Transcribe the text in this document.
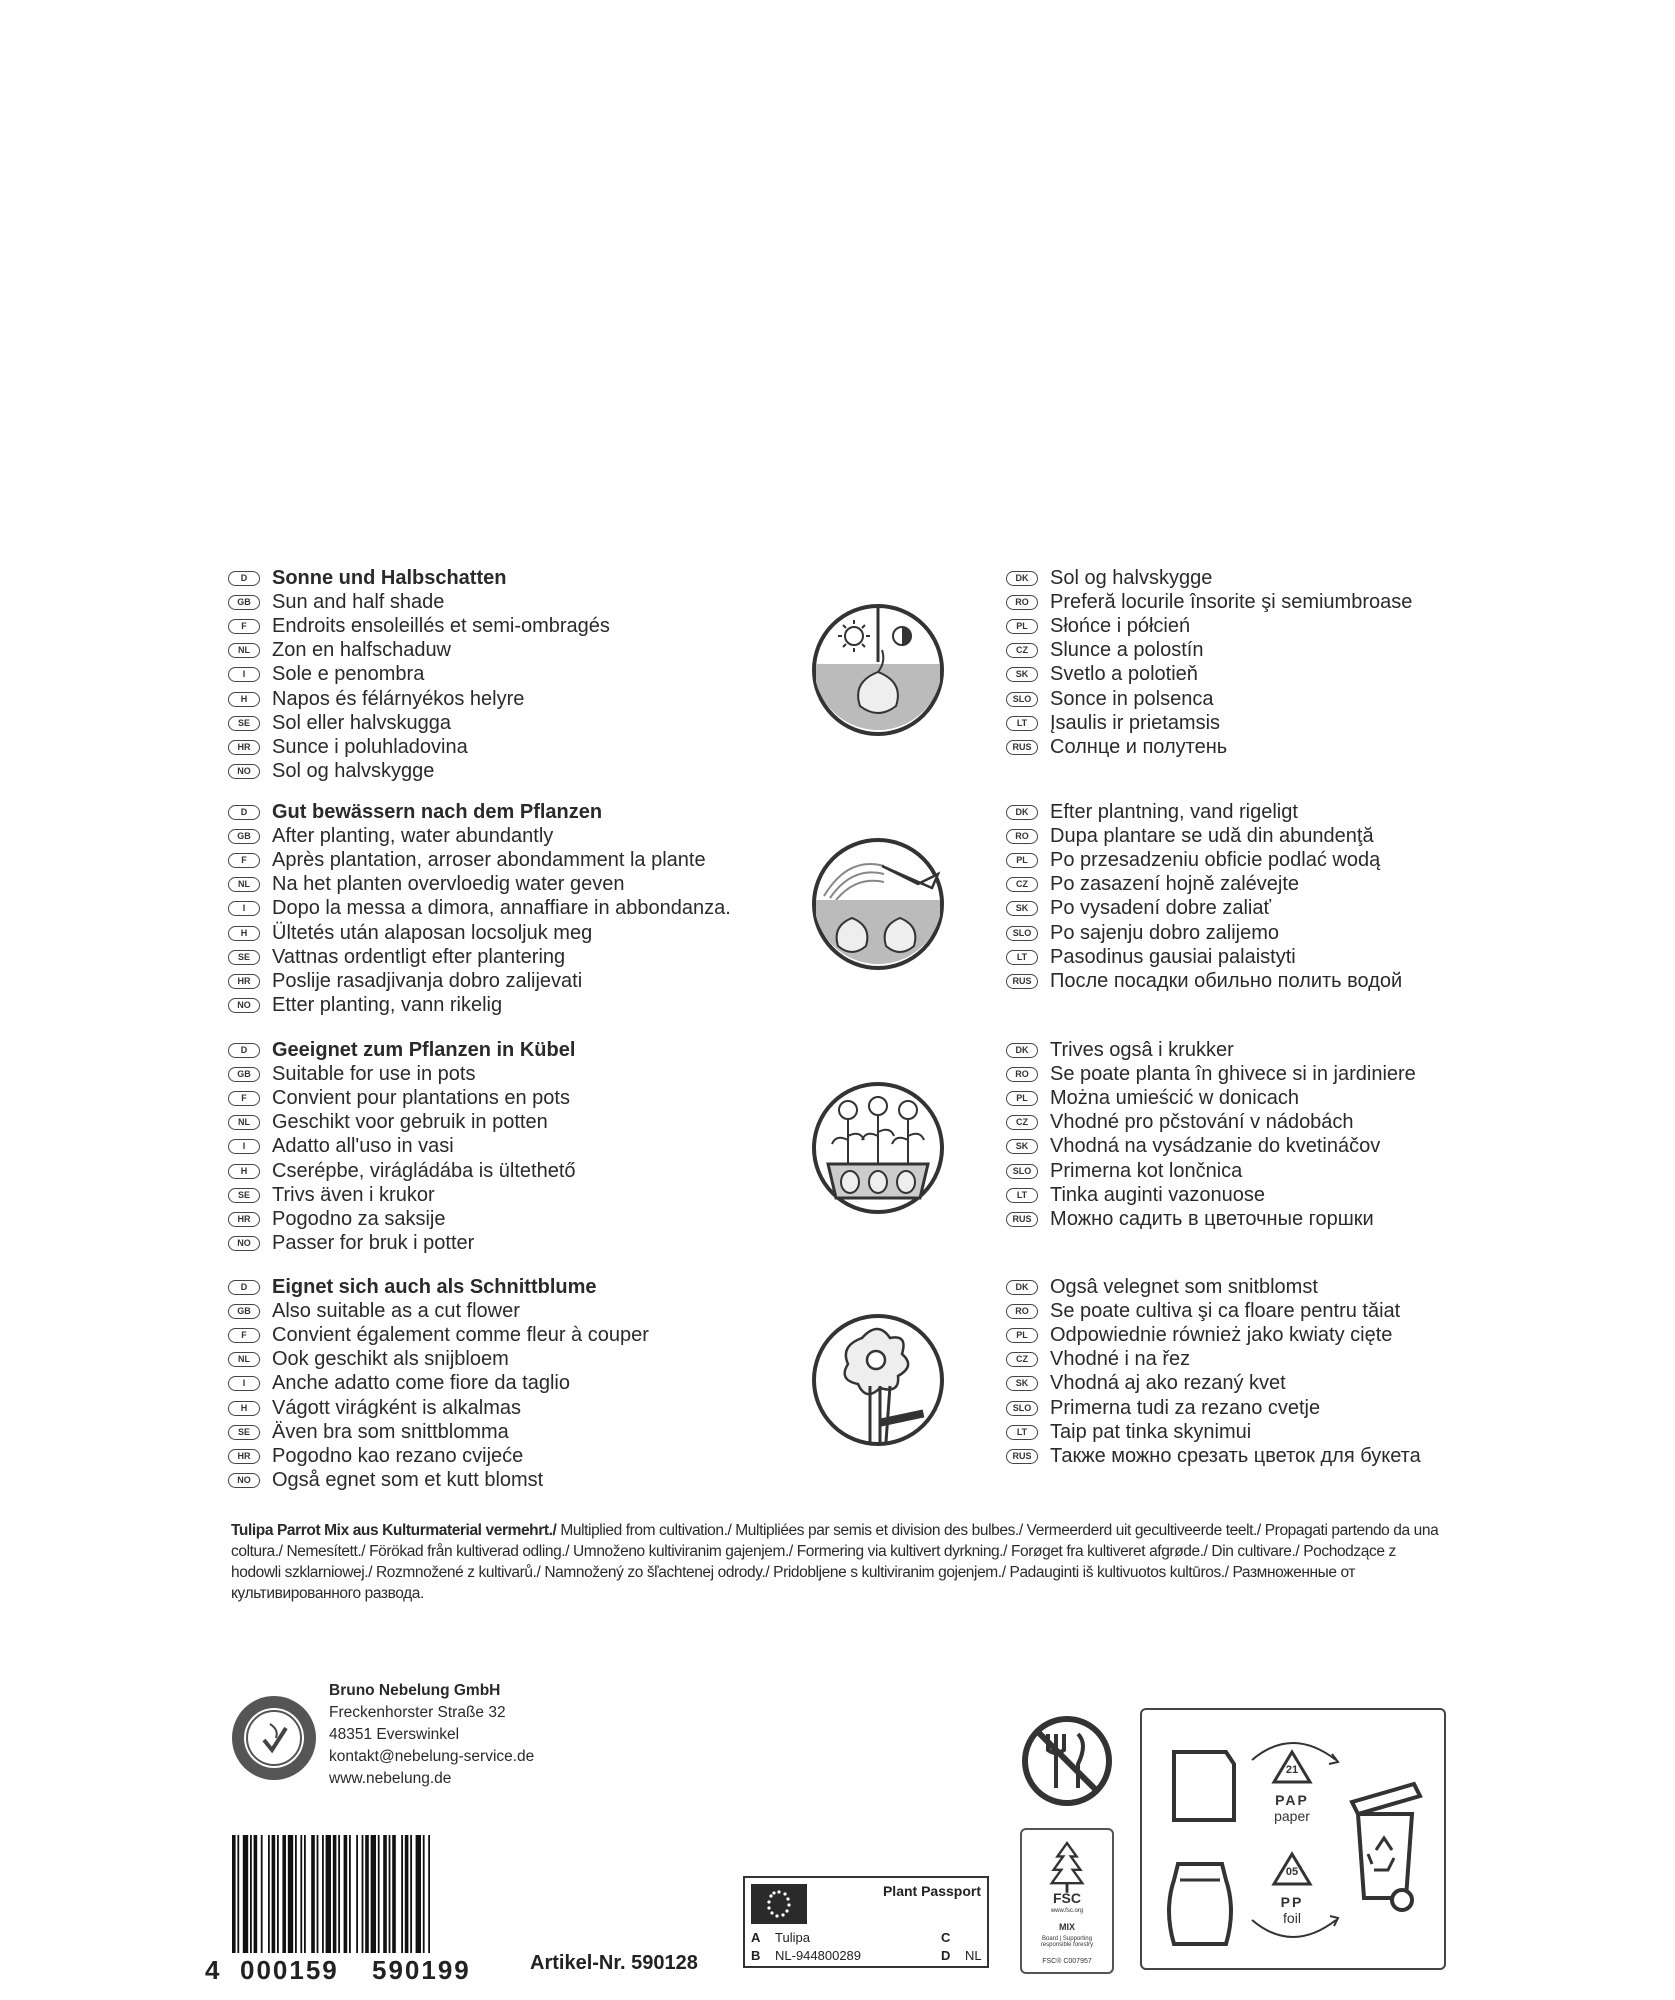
D	Sonne und Halbschatten
GB	Sun and half shade
F	Endroits ensoleillés et semi-ombragés
NL	Zon en halfschaduw
I	Sole e penombra
H	Napos és félárnyékos helyre
SE	Sol eller halvskugga
HR	Sunce i poluhladovina
NO	Sol og halvskygge
DK	Sol og halvskygge
RO	Preferă locurile însorite şi semiumbroase
PL	Słońce i półcień
CZ	Slunce a polostín
SK	Svetlo a polotieň
SLO Sonce in polsenca
LT	Įsaulis ir prietamsis
RUS Солнце и полутень
D	Gut bewässern nach dem Pflanzen
GB	After planting, water abundantly
F	Après plantation, arroser abondamment la plante
NL	Na het planten overvloedig water geven
I	Dopo la messa a dimora, annaffiare in abbondanza.
H	Ültetés után alaposan locsoljuk meg
SE	Vattnas ordentligt efter plantering
HR	Poslije rasadjivanja dobro zalijevati
NO	Etter planting, vann rikelig
DK	Efter plantning, vand rigeligt
RO	Dupa plantare se udă din abundenţă
PL	Po przesadzeniu obficie podlać wodą
CZ	Po zasazení hojně zalévejte
SK	Po vysadení dobre zaliať
SLO Po sajenju dobro zalijemo
LT	Pasodinus gausiai palaistyti
RUS После посадки обильно полить водой
D	Geeignet zum Pflanzen in Kübel
GB	Suitable for use in pots
F	Convient pour plantations en pots
NL	Geschikt voor gebruik in potten
I	Adatto all'uso in vasi
H	Cserépbe, virágládába is ültethető
SE	Trivs även i krukor
HR	Pogodno za saksije
NO	Passer for bruk i potter
DK	Trives ogsâ i krukker
RO	Se poate planta în ghivece si in jardiniere
PL	Można umieścić w donicach
CZ	Vhodné pro pčstování v nádobách
SK	Vhodná na vysádzanie do kvetináčov
SLO Primerna kot lončnica
LT	Tinka auginti vazonuose
RUS Можно садить в цветочные горшки
D	Eignet sich auch als Schnittblume
GB	Also suitable as a cut flower
F	Convient également comme fleur à couper
NL	Ook geschikt als snijbloem
I	Anche adatto come fiore da taglio
H	Vágott virágként is alkalmas
SE	Även bra som snittblomma
HR	Pogodno kao rezano cvijeće
NO	Også egnet som et kutt blomst
DK	Ogsâ velegnet som snitblomst
RO	Se poate cultiva şi ca floare pentru tăiat
PL	Odpowiednie również jako kwiaty cięte
CZ	Vhodné i na řez
SK	Vhodná aj ako rezaný kvet
SLO Primerna tudi za rezano cvetje
LT	Taip pat tinka skynimui
RUS Также можно срезать цветок для букета
Tulipa Parrot Mix aus Kulturmaterial vermehrt./ Multiplied from cultivation./ Multipliées par semis et division des bulbes./ Vermeerderd uit gecultiveerde teelt./ Propagati partendo da una coltura./ Nemesített./ Förökad från kultiverad odling./ Umnoženo kultiviranim gajenjem./ Formering via kultivert dyrkning./ Forøget fra kultiveret afgrøde./ Din cultivare./ Pochodzące z hodowli szklarniowej./ Rozmnožené z kultivarů./ Namnožený zo šľachtenej odrody./ Pridobljene s kultiviranim gojenjem./ Padauginti iš kultivuotos kultūros./ Размноженные от культивированного развода.
Bruno Nebelung GmbH
Freckenhorster Straße 32
48351 Everswinkel
kontakt@nebelung-service.de
www.nebelung.de
4 000159 590199	Artikel-Nr. 590128
Plant Passport
A Tulipa
B NL-944800289
C
D NL
FSC
www.fsc.org
MIX
Board | Supporting responsible forestry
FSC® C007957
21
PAP
paper
05
PP
foil
